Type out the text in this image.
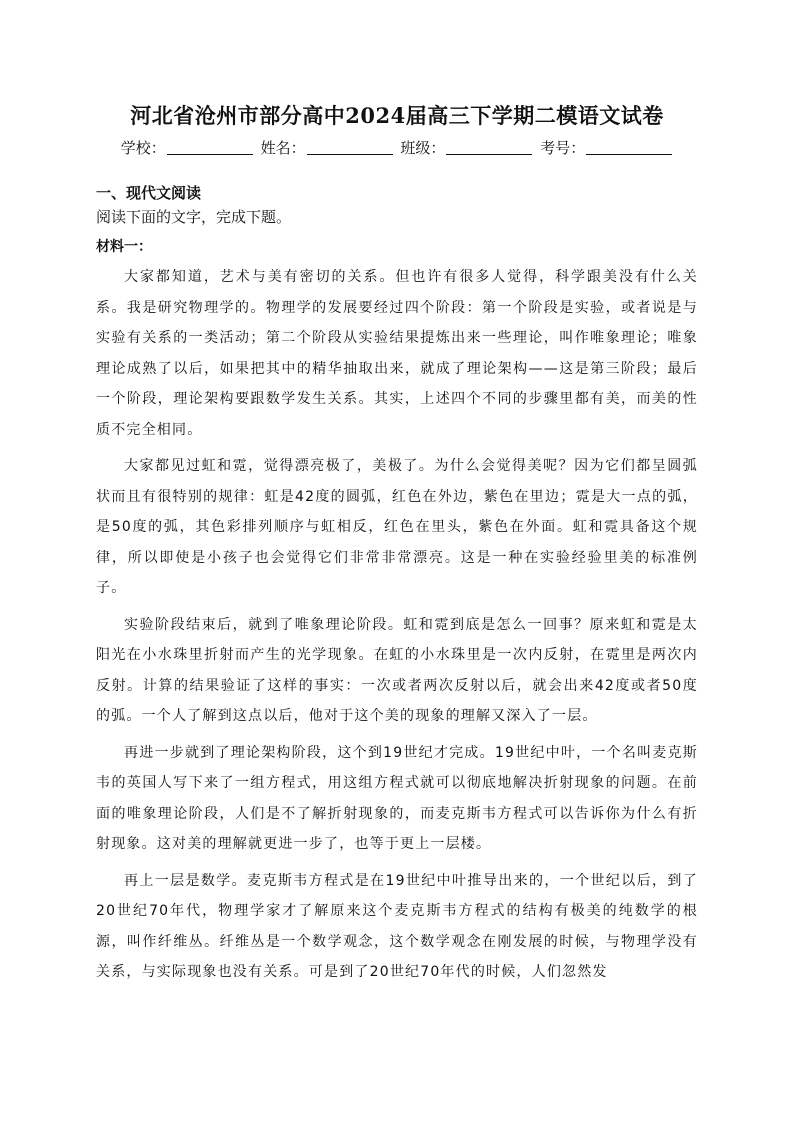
河北省沧州市部分高中2024届高三下学期二模语文试卷
学校：	姓名：	班级：	考号：
一、现代文阅读
阅读下面的文字，完成下题。
材料一：

大家都知道，艺术与美有密切的关系。但也许有很多人觉得，科学跟美没有什么关系。我是研究物理学的。物理学的发展要经过四个阶段：第一个阶段是实验，或者说是与实验有关系的一类活动；第二个阶段从实验结果提炼出来一些理论，叫作唯象理论；唯象理论成熟了以后，如果把其中的精华抽取出来，就成了理论架构——这是第三阶段；最后一个阶段，理论架构要跟数学发生关系。其实，上述四个不同的步骤里都有美，而美的性质不完全相同。

大家都见过虹和霓，觉得漂亮极了，美极了。为什么会觉得美呢？因为它们都呈圆弧状而且有很特别的规律：虹是42度的圆弧，红色在外边，紫色在里边；霓是大一点的弧，是50度的弧，其色彩排列顺序与虹相反，红色在里头，紫色在外面。虹和霓具备这个规律，所以即使是小孩子也会觉得它们非常非常漂亮。这是一种在实验经验里美的标准例子。

实验阶段结束后，就到了唯象理论阶段。虹和霓到底是怎么一回事？原来虹和霓是太阳光在小水珠里折射而产生的光学现象。在虹的小水珠里是一次内反射，在霓里是两次内反射。计算的结果验证了这样的事实：一次或者两次反射以后，就会出来42度或者50度的弧。一个人了解到这点以后，他对于这个美的现象的理解又深入了一层。

再进一步就到了理论架构阶段，这个到19世纪才完成。19世纪中叶，一个名叫麦克斯韦的英国人写下来了一组方程式，用这组方程式就可以彻底地解决折射现象的问题。在前面的唯象理论阶段，人们是不了解折射现象的，而麦克斯韦方程式可以告诉你为什么有折射现象。这对美的理解就更进一步了，也等于更上一层楼。

再上一层是数学。麦克斯韦方程式是在19世纪中叶推导出来的，一个世纪以后，到了20世纪70年代，物理学家才了解原来这个麦克斯韦方程式的结构有极美的纯数学的根源，叫作纤维丛。纤维丛是一个数学观念，这个数学观念在刚发展的时候，与物理学没有关系，与实际现象也没有关系。可是到了20世纪70年代的时候，人们忽然发
